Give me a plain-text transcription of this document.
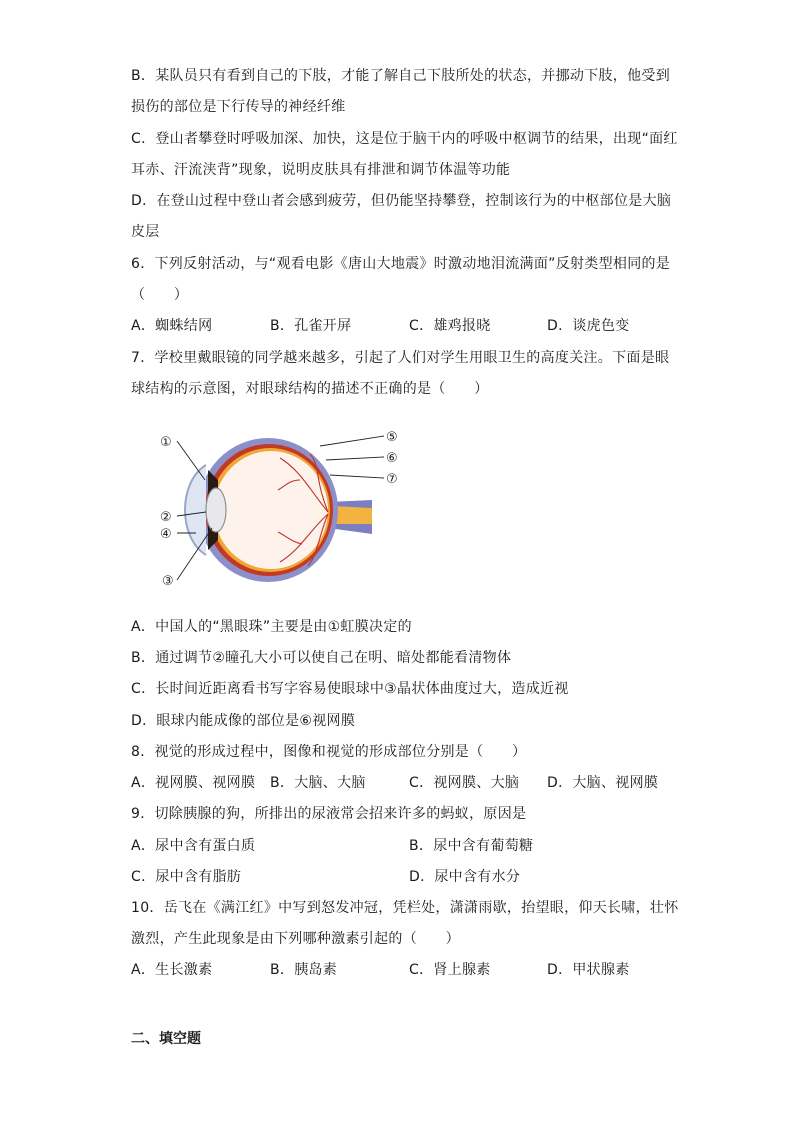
B．某队员只有看到自己的下肢，才能了解自己下肢所处的状态，并挪动下肢，他受到
损伤的部位是下行传导的神经纤维
C．登山者攀登时呼吸加深、加快，这是位于脑干内的呼吸中枢调节的结果，出现“面红
耳赤、汗流浃背”现象，说明皮肤具有排泄和调节体温等功能
D．在登山过程中登山者会感到疲劳，但仍能坚持攀登，控制该行为的中枢部位是大脑
皮层
6．下列反射活动，与“观看电影《唐山大地震》时激动地泪流满面”反射类型相同的是
（　　）
A．蜘蛛结网	B．孔雀开屏	C．雄鸡报晓	D．谈虎色变
7．学校里戴眼镜的同学越来越多，引起了人们对学生用眼卫生的高度关注。下面是眼
球结构的示意图，对眼球结构的描述不正确的是（　　）
①
②
④
③
⑤
⑥
⑦
A．中国人的“黑眼珠”主要是由①虹膜决定的
B．通过调节②瞳孔大小可以使自己在明、暗处都能看清物体
C．长时间近距离看书写字容易使眼球中③晶状体曲度过大，造成近视
D．眼球内能成像的部位是⑥视网膜
8．视觉的形成过程中，图像和视觉的形成部位分别是（　　）
A．视网膜、视网膜 B．大脑、大脑	C．视网膜、大脑 D．大脑、视网膜
9．切除胰腺的狗，所排出的尿液常会招来许多的蚂蚁，原因是
A．尿中含有蛋白质	B．尿中含有葡萄糖
C．尿中含有脂肪	D．尿中含有水分
10．岳飞在《满江红》中写到怒发冲冠，凭栏处，潇潇雨歇，抬望眼，仰天长啸，壮怀
激烈，产生此现象是由下列哪种激素引起的（　　）
A．生长激素	B．胰岛素	C．肾上腺素	D．甲状腺素
二、填空题
